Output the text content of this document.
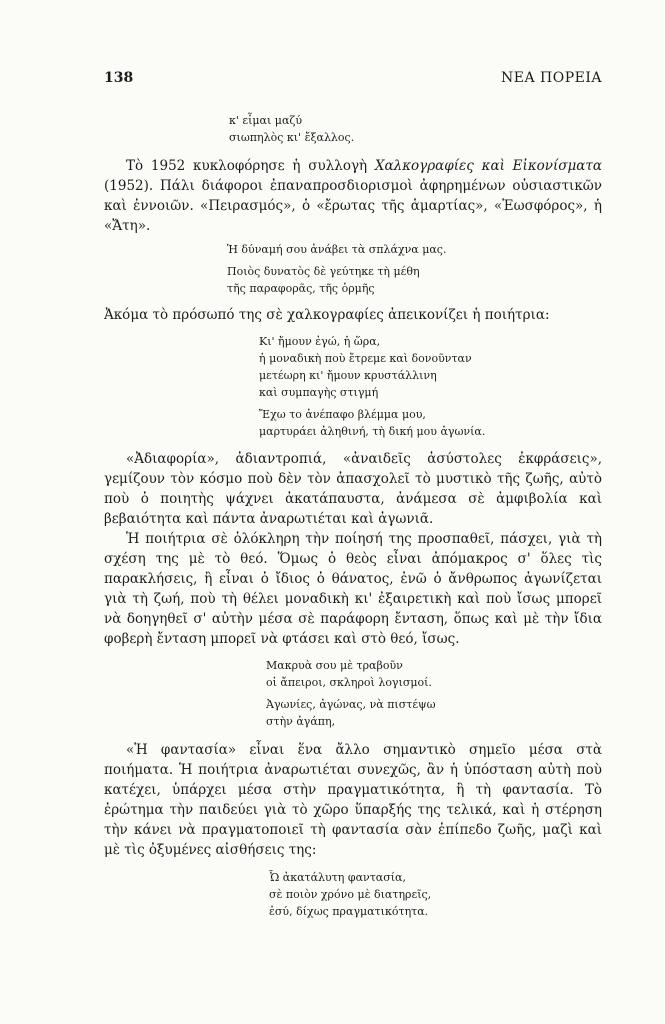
138	ΝΕΑ ΠΟΡΕΙΑ
κ' εἶμαι μαζύ
σιωπηλὸς κι' ἔξαλλος.

Τὸ 1952 κυκλοφόρησε ἡ συλλογὴ Χαλκογραφίες καὶ Εἰκονίσματα (1952). Πάλι διάφοροι ἐπαναπροσδιορισμοὶ ἀφηρημένων οὐσιαστικῶν καὶ ἐννοιῶν. «Πειρασμός», ὁ «ἔρωτας τῆς ἁμαρτίας», «Ἑωσφόρος», ἡ «Ἄτη».

Ἡ δύναμή σου ἀνάβει τὰ σπλάχνα μας.
Ποιὸς δυνατὸς δὲ γεύτηκε τὴ μέθη
τῆς παραφορᾶς, τῆς ὁρμῆς

Ἀκόμα τὸ πρόσωπό της σὲ χαλκογραφίες ἀπεικονίζει ἡ ποιήτρια:

Κι' ἤμουν ἐγώ, ἡ ὥρα,
ἡ μοναδικὴ ποὺ ἔτρεμε καὶ δονοῦνταν
μετέωρη κι' ἤμουν κρυστάλλινη
καὶ συμπαγὴς στιγμή
Ἔχω το ἀνέπαφο βλέμμα μου,
μαρτυράει ἀληθινή, τὴ δική μου ἀγωνία.

«Ἀδιαφορία», ἀδιαντροπιά, «ἀναιδεῖς ἀσύστολες ἐκφράσεις», γεμίζουν τὸν κόσμο ποὺ δὲν τὸν ἀπασχολεῖ τὸ μυστικὸ τῆς ζωῆς, αὐτὸ ποὺ ὁ ποιητὴς ψάχνει ἀκατάπαυστα, ἀνάμεσα σὲ ἀμφιβολία καὶ βεβαιότητα καὶ πάντα ἀναρωτιέται καὶ ἀγωνιᾶ.

Ἡ ποιήτρια σὲ ὁλόκληρη τὴν ποίησή της προσπαθεῖ, πάσχει, γιὰ τὴ σχέση της μὲ τὸ θεό. Ὅμως ὁ θεὸς εἶναι ἀπόμακρος σ' ὅλες τὶς παρακλήσεις, ἢ εἶναι ὁ ἴδιος ὁ θάνατος, ἐνῶ ὁ ἄνθρωπος ἀγωνίζεται γιὰ τὴ ζωή, ποὺ τὴ θέλει μοναδικὴ κι' ἐξαιρετικὴ καὶ ποὺ ἴσως μπορεῖ νὰ δοηγηθεῖ σ' αὐτὴν μέσα σὲ παράφορη ἔνταση, ὅπως καὶ μὲ τὴν ἴδια φοβερὴ ἔνταση μπορεῖ νὰ φτάσει καὶ στὸ θεό, ἴσως.

Μακρυὰ σου μὲ τραβοῦν
οἱ ἄπειροι, σκληροὶ λογισμοί.
Ἀγωνίες, ἀγώνας, νὰ πιστέψω
στὴν ἀγάπη,

«Ἡ φαντασία» εἶναι ἕνα ἄλλο σημαντικὸ σημεῖο μέσα στὰ ποιήματα. Ἡ ποιήτρια ἀναρωτιέται συνεχῶς, ἂν ἡ ὑπόσταση αὐτὴ ποὺ κατέχει, ὑπάρχει μέσα στὴν πραγματικότητα, ἢ τὴ φαντασία. Τὸ ἐρώτημα τὴν παιδεύει γιὰ τὸ χῶρο ὕπαρξής της τελικά, καὶ ἡ στέρηση τὴν κάνει νὰ πραγματοποιεῖ τὴ φαντασία σὰν ἐπίπεδο ζωῆς, μαζὶ καὶ μὲ τὶς ὀξυμένες αἰσθήσεις της:

Ὦ ἀκατάλυτη φαντασία,
σὲ ποιὸν χρόνο μὲ διατηρεῖς,
ἐσύ, δίχως πραγματικότητα.
